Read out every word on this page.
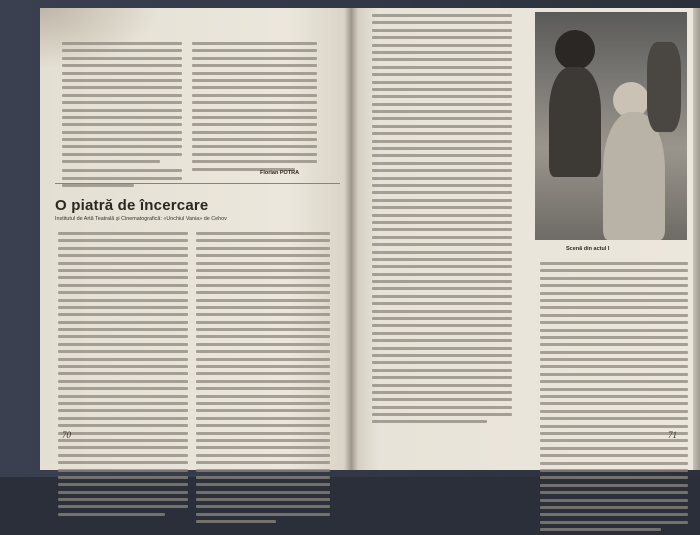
Florian POTRA
O piatră de încercare
Institutul de Artă Teatrală și Cinematografică: «Unchiul Vania» de Cehov
70
Scenă din actul I
71
